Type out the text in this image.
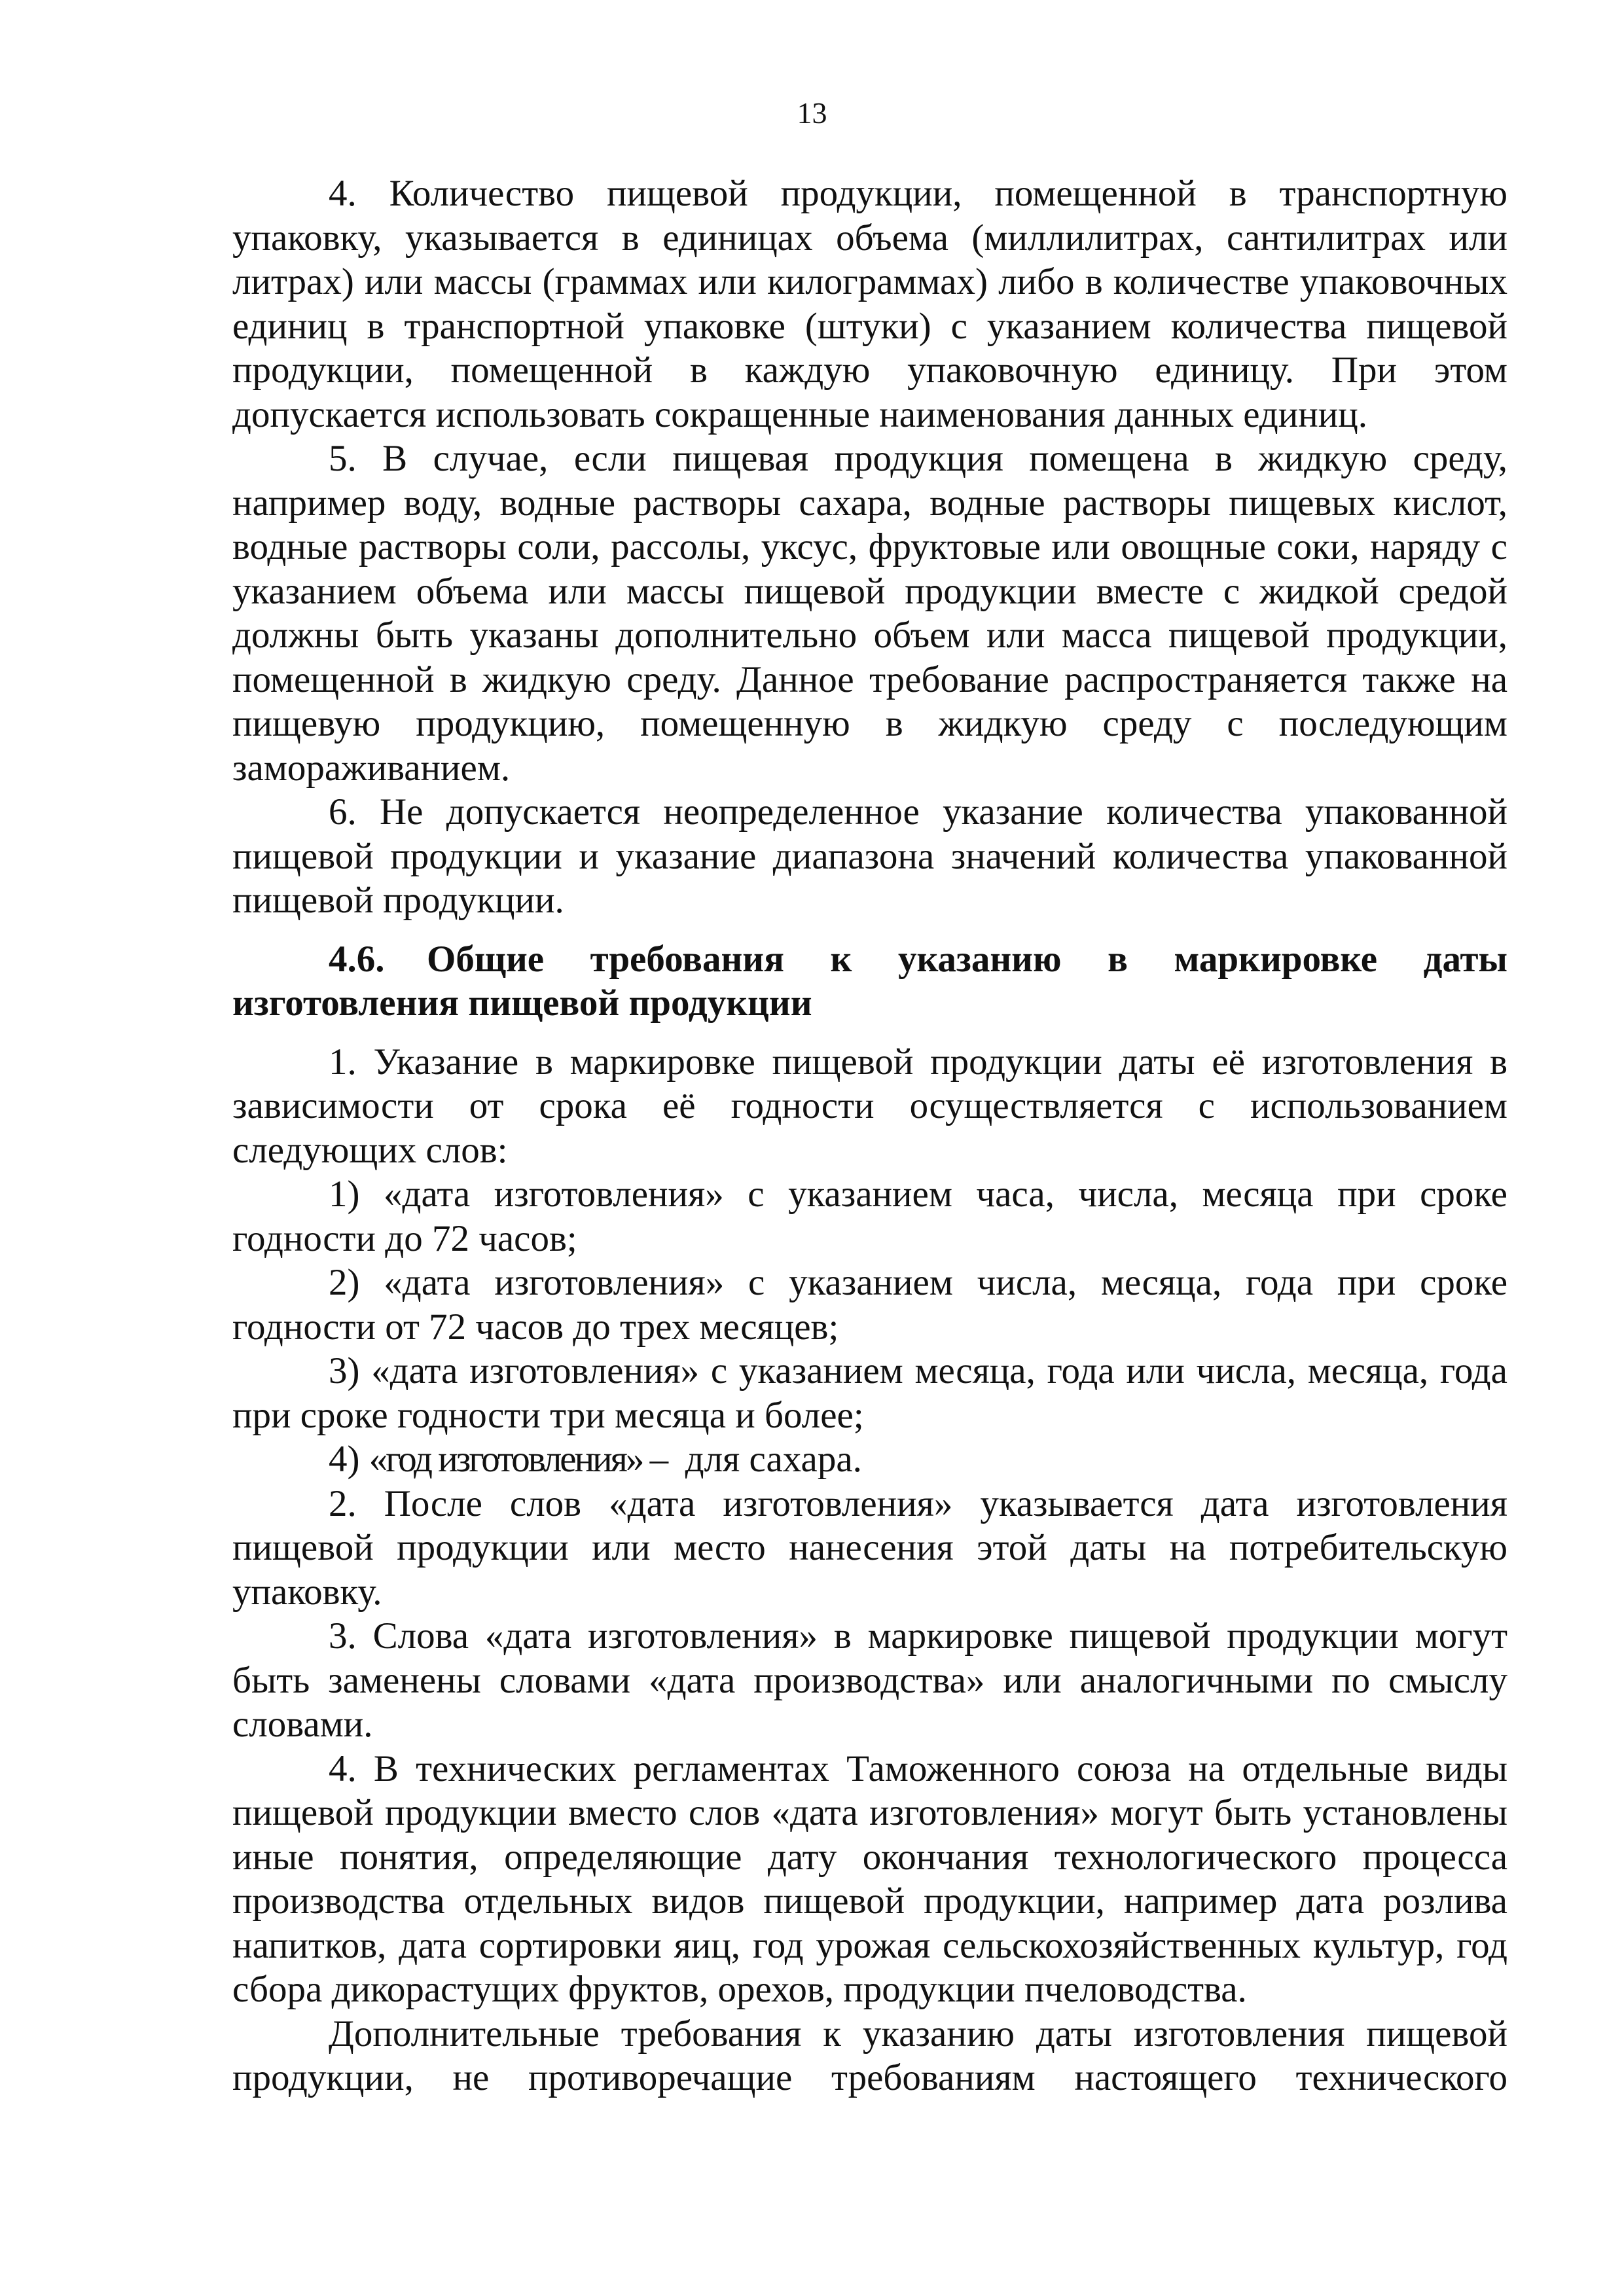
13

4. Количество пищевой продукции, помещенной в транспортную упаковку, указывается в единицах объема (миллилитрах, сантилитрах или литрах) или массы (граммах или килограммах) либо в количестве упаковочных единиц в транспортной упаковке (штуки) с указанием количества пищевой продукции, помещенной в каждую упаковочную единицу. При этом допускается использовать сокращенные наименования данных единиц.

5. В случае, если пищевая продукция помещена в жидкую среду, например воду, водные растворы сахара, водные растворы пищевых кислот, водные растворы соли, рассолы, уксус, фруктовые или овощные соки, наряду с указанием объема или массы пищевой продукции вместе с жидкой средой должны быть указаны дополнительно объем или масса пищевой продукции, помещенной в жидкую среду. Данное требование распространяется также на пищевую продукцию, помещенную в жидкую среду с последующим замораживанием.

6. Не допускается неопределенное указание количества упакованной пищевой продукции и указание диапазона значений количества упакованной пищевой продукции.

4.6. Общие требования к указанию в маркировке даты изготовления пищевой продукции

1. Указание в маркировке пищевой продукции даты её изготовления в зависимости от срока её годности осуществляется с использованием следующих слов:

1) «дата изготовления» с указанием часа, числа, месяца при сроке годности до 72 часов;

2) «дата изготовления» с указанием числа, месяца, года при сроке годности от 72 часов до трех месяцев;

3) «дата изготовления» с указанием месяца, года или числа, месяца, года при сроке годности три месяца и более;

4) «год изготовления» –  для сахара.

2. После слов «дата изготовления» указывается дата изготовления пищевой продукции или место нанесения этой даты на потребительскую упаковку.

3. Слова «дата изготовления» в маркировке пищевой продукции могут быть заменены словами «дата производства» или аналогичными по смыслу словами.

4. В технических регламентах Таможенного союза на отдельные виды пищевой продукции вместо слов «дата изготовления» могут быть установлены иные понятия, определяющие дату окончания технологического процесса производства отдельных видов пищевой продукции, например дата розлива напитков, дата сортировки яиц, год урожая сельскохозяйственных культур, год сбора дикорастущих фруктов, орехов, продукции пчеловодства.

Дополнительные требования к указанию даты изготовления пищевой продукции, не противоречащие требованиям настоящего технического
